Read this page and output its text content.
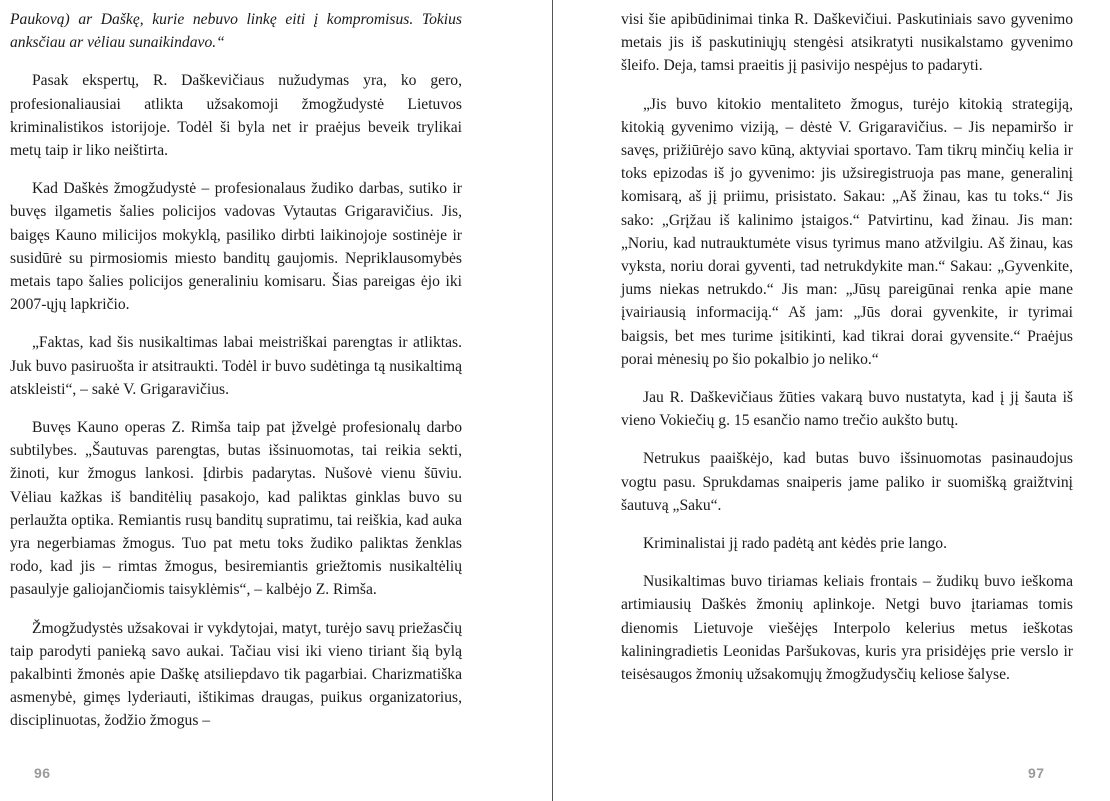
Paukovą) ar Daškę, kurie nebuvo linkę eiti į kompromisus. Tokius anksčiau ar vėliau sunaikindavo.“

Pasak ekspertų, R. Daškevičiaus nužudymas yra, ko gero, profesionaliausiai atlikta užsakomoji žmogžudystė Lietuvos kriminalistikos istorijoje. Todėl ši byla net ir praėjus beveik trylikai metų taip ir liko neištirta.

Kad Daškės žmogžudystė – profesionalaus žudiko darbas, sutiko ir buvęs ilgametis šalies policijos vadovas Vytautas Grigaravičius. Jis, baigęs Kauno milicijos mokyklą, pasiliko dirbti laikinojoje sostinėje ir susidūrė su pirmosiomis miesto banditų gaujomis. Nepriklausomybės metais tapo šalies policijos generaliniu komisaru. Šias pareigas ėjo iki 2007-ųjų lapkričio.

„Faktas, kad šis nusikaltimas labai meistriškai parengtas ir atliktas. Juk buvo pasiruošta ir atsitraukti. Todėl ir buvo sudėtinga tą nusikaltimą atskleisti“, – sakė V. Grigaravičius.

Buvęs Kauno operas Z. Rimša taip pat įžvelgė profesionalų darbo subtilybes. „Šautuvas parengtas, butas išsinuomotas, tai reikia sekti, žinoti, kur žmogus lankosi. Įdirbis padarytas. Nušovė vienu šūviu. Vėliau kažkas iš banditėlių pasakojo, kad paliktas ginklas buvo su perlaužta optika. Remiantis rusų banditų supratimu, tai reiškia, kad auka yra negerbiamas žmogus. Tuo pat metu toks žudiko paliktas ženklas rodo, kad jis – rimtas žmogus, besiremiantis griežtomis nusikaltėlių pasaulyje galiojančiomis taisyklėmis“, – kalbėjo Z. Rimša.

Žmogžudystės užsakovai ir vykdytojai, matyt, turėjo savų priežasčių taip parodyti panieką savo aukai. Tačiau visi iki vieno tiriant šią bylą pakalbinti žmonės apie Daškę atsiliepdavo tik pagarbiai. Charizmatiška asmenybė, gimęs lyderiauti, ištikimas draugas, puikus organizatorius, disciplinuotas, žodžio žmogus –

96

visi šie apibūdinimai tinka R. Daškevičiui. Paskutiniais savo gyvenimo metais jis iš paskutiniųjų stengėsi atsikratyti nusikalstamo gyvenimo šleifo. Deja, tamsi praeitis jį pasivijo nespėjus to padaryti.

„Jis buvo kitokio mentaliteto žmogus, turėjo kitokią strategiją, kitokią gyvenimo viziją, – dėstė V. Grigaravičius. – Jis nepamiršo ir savęs, prižiūrėjo savo kūną, aktyviai sportavo. Tam tikrų minčių kelia ir toks epizodas iš jo gyvenimo: jis užsiregistruoja pas mane, generalinį komisarą, aš jį priimu, prisistato. Sakau: „Aš žinau, kas tu toks.“ Jis sako: „Grįžau iš kalinimo įstaigos.“ Patvirtinu, kad žinau. Jis man: „Noriu, kad nutrauktumėte visus tyrimus mano atžvilgiu. Aš žinau, kas vyksta, noriu dorai gyventi, tad netrukdykite man.“ Sakau: „Gyvenkite, jums niekas netrukdo.“ Jis man: „Jūsų pareigūnai renka apie mane įvairiausią informaciją.“ Aš jam: „Jūs dorai gyvenkite, ir tyrimai baigsis, bet mes turime įsitikinti, kad tikrai dorai gyvensite.“ Praėjus porai mėnesių po šio pokalbio jo neliko.“

Jau R. Daškevičiaus žūties vakarą buvo nustatyta, kad į jį šauta iš vieno Vokiečių g. 15 esančio namo trečio aukšto butų.

Netrukus paaiškėjo, kad butas buvo išsinuomotas pasinaudojus vogtu pasu. Sprukdamas snaiperis jame paliko ir suomišką graižtvinį šautuvą „Saku“.

Kriminalistai jį rado padėtą ant kėdės prie lango.

Nusikaltimas buvo tiriamas keliais frontais – žudikų buvo ieškoma artimiausių Daškės žmonių aplinkoje. Netgi buvo įtariamas tomis dienomis Lietuvoje viešėjęs Interpolo kelerius metus ieškotas kaliningradietis Leonidas Paršukovas, kuris yra prisidėjęs prie verslo ir teisėsaugos žmonių užsakomųjų žmogžudysčių keliose šalyse.

97
